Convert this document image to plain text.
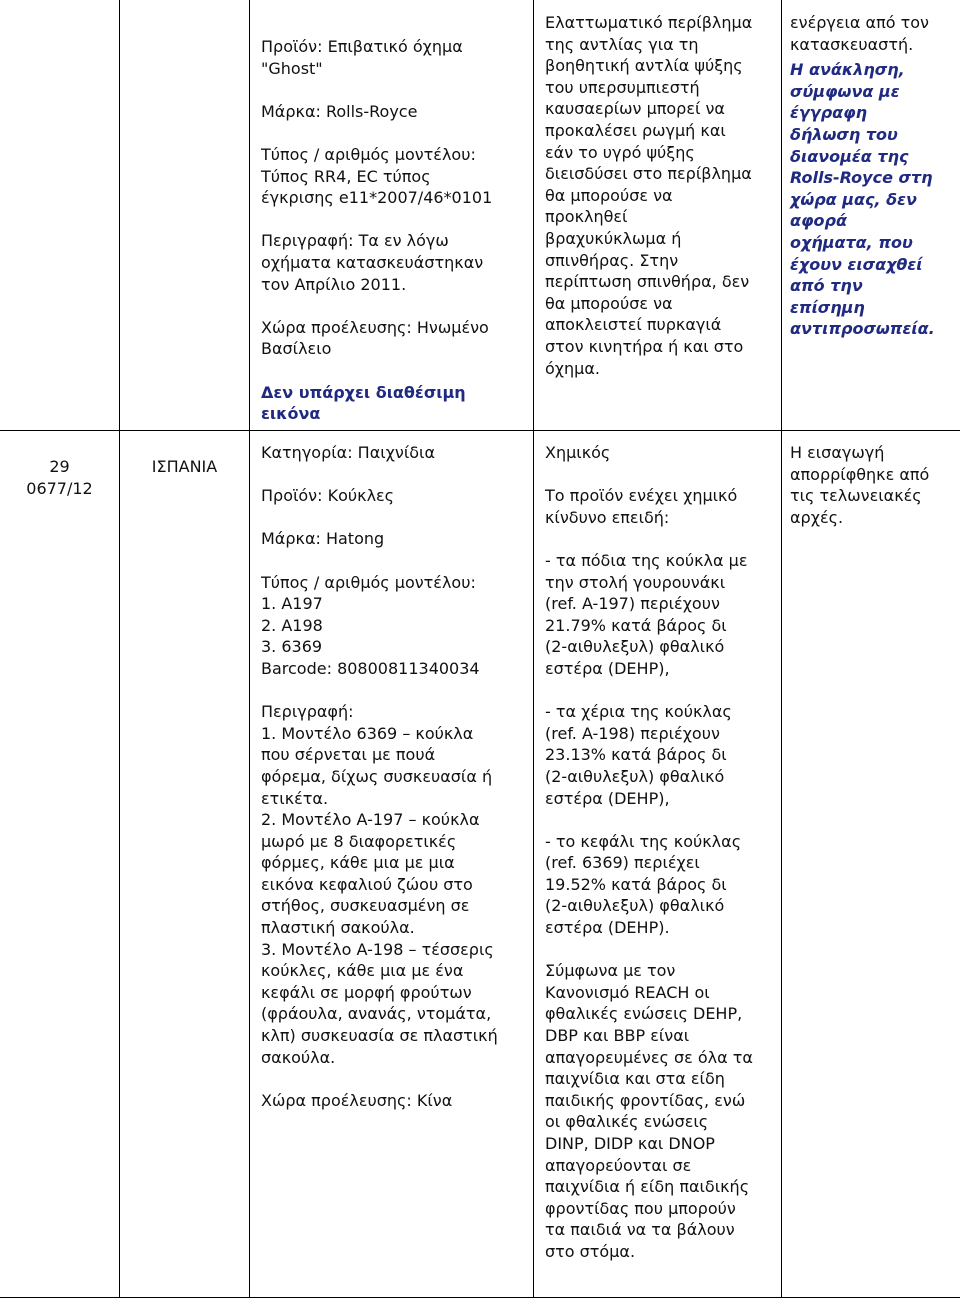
Προϊόν: Επιβατικό όχημα

"Ghost"

Μάρκα: Rolls-Royce

Τύπος / αριθμός μοντέλου:

Τύπος RR4, EC τύπος

έγκρισης e11*2007/46*0101

Περιγραφή: Τα εν λόγω

οχήματα κατασκευάστηκαν

τον Απρίλιο 2011.

Χώρα προέλευσης: Ηνωμένο

Βασίλειο

Δεν υπάρχει διαθέσιμη

εικόνα

Ελαττωματικό περίβλημα

της αντλίας για τη

βοηθητική αντλία ψύξης

του υπερσυμπιεστή

καυσαερίων μπορεί να

προκαλέσει ρωγμή και

εάν το υγρό ψύξης

διεισδύσει στο περίβλημα

θα μπορούσε να

προκληθεί

βραχυκύκλωμα ή

σπινθήρας. Στην

περίπτωση σπινθήρα, δεν

θα μπορούσε να

αποκλειστεί πυρκαγιά

στον κινητήρα ή και στο

όχημα.

ενέργεια από τον

κατασκευαστή.

Η ανάκληση,

σύμφωνα με

έγγραφη

δήλωση του

διανομέα της

Rolls-Royce στη

χώρα μας, δεν

αφορά

οχήματα, που

έχουν εισαχθεί

από την

επίσημη

αντιπροσωπεία.

29

0677/12

ΙΣΠΑΝΙΑ

Κατηγορία: Παιχνίδια

Προϊόν: Κούκλες

Μάρκα: Hatong

Τύπος / αριθμός μοντέλου:

1. A197

2. A198

3. 6369

Barcode: 80800811340034

Περιγραφή:

1. Μοντέλο 6369 – κούκλα

που σέρνεται με πουά

φόρεμα, δίχως συσκευασία ή

ετικέτα.

2. Μοντέλο A-197 – κούκλα

μωρό με 8 διαφορετικές

φόρμες, κάθε μια με μια

εικόνα κεφαλιού ζώου στο

στήθος, συσκευασμένη σε

πλαστική σακούλα.

3. Μοντέλο A-198 – τέσσερις

κούκλες, κάθε μια με ένα

κεφάλι σε μορφή φρούτων

(φράουλα, ανανάς, ντομάτα,

κλπ) συσκευασία σε πλαστική

σακούλα.

Χώρα προέλευσης: Κίνα

Χημικός

Το προϊόν ενέχει χημικό

κίνδυνο επειδή:

- τα πόδια της κούκλα με

την στολή γουρουνάκι

(ref. A-197) περιέχουν

21.79% κατά βάρος δι

(2-αιθυλεξυλ) φθαλικό

εστέρα (DEHP),

- τα χέρια της κούκλας

(ref. A-198) περιέχουν

23.13% κατά βάρος δι

(2-αιθυλεξυλ) φθαλικό

εστέρα (DEHP),

- το κεφάλι της κούκλας

(ref. 6369) περιέχει

19.52% κατά βάρος δι

(2-αιθυλεξυλ) φθαλικό

εστέρα (DEHP).

Σύμφωνα με τον

Κανονισμό REACH οι

φθαλικές ενώσεις DEHP,

DBP και BBP είναι

απαγορευμένες σε όλα τα

παιχνίδια και στα είδη

παιδικής φροντίδας, ενώ

οι φθαλικές ενώσεις

DINP, DIDP και DNOP

απαγορεύονται σε

παιχνίδια ή είδη παιδικής

φροντίδας που μπορούν

τα παιδιά να τα βάλουν

στο στόμα.

Η εισαγωγή

απορρίφθηκε από

τις τελωνειακές

αρχές.
